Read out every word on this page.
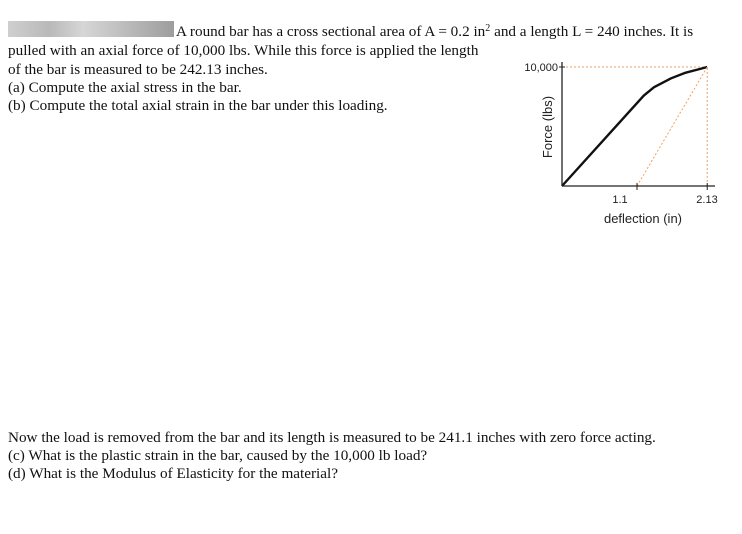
A round bar has a cross sectional area of A = 0.2 $in^2$ and a length L = 240 inches. It is
pulled with an axial force of 10,000 lbs. While this force is applied the length
of the bar is measured to be 242.13 inches.
(a) Compute the axial stress in the bar.
(b) Compute the total axial strain in the bar under this loading.
Now the load is removed from the bar and its length is measured to be 241.1 inches with zero force acting.
(c) What is the plastic strain in the bar, caused by the 10,000 lb load?
(d) What is the Modulus of Elasticity for the material?
10,000
1.1	2.13
deflection (in)
Force (lbs)
